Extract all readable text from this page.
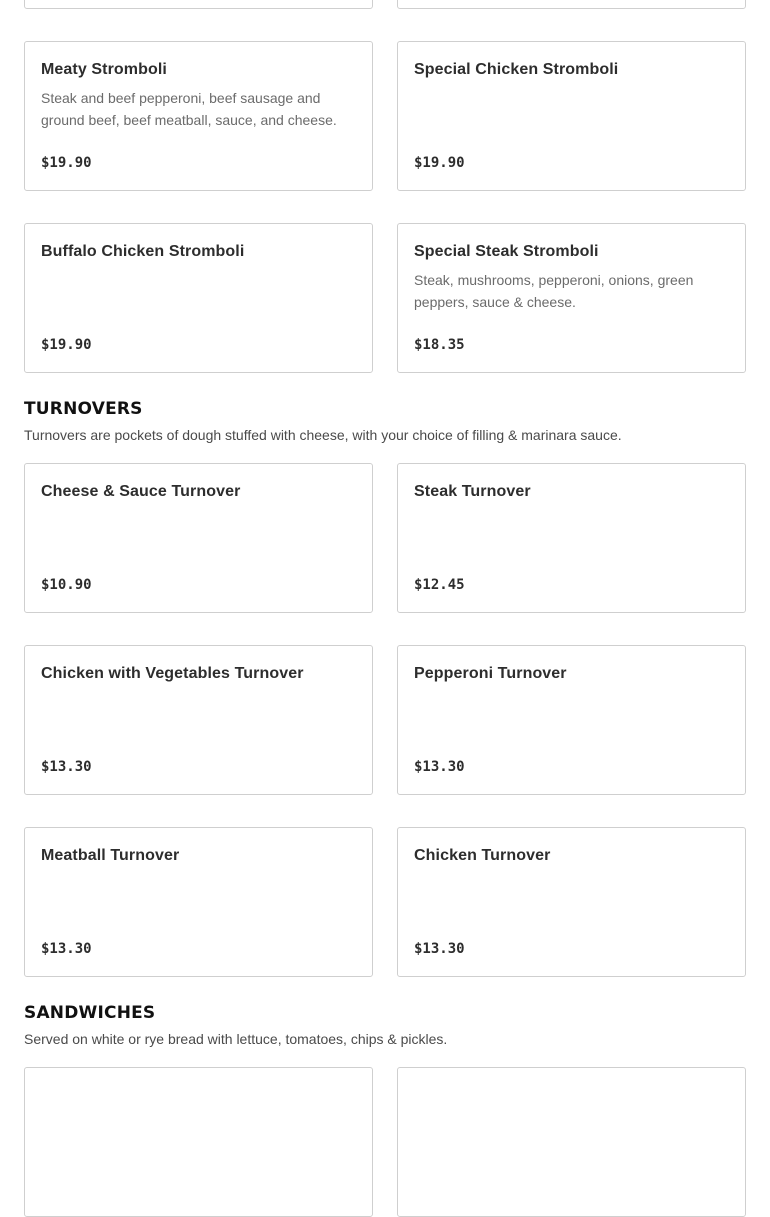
Meaty Stromboli
Steak and beef pepperoni, beef sausage and ground beef, beef meatball, sauce, and cheese.
$19.90
Special Chicken Stromboli
$19.90
Buffalo Chicken Stromboli
$19.90
Special Steak Stromboli
Steak, mushrooms, pepperoni, onions, green peppers, sauce & cheese.
$18.35
TURNOVERS

Turnovers are pockets of dough stuffed with cheese, with your choice of filling & marinara sauce.

Cheese & Sauce Turnover
$10.90
Steak Turnover
$12.45
Chicken with Vegetables Turnover
$13.30
Pepperoni Turnover
$13.30
Meatball Turnover
$13.30
Chicken Turnover
$13.30
SANDWICHES

Served on white or rye bread with lettuce, tomatoes, chips & pickles.
